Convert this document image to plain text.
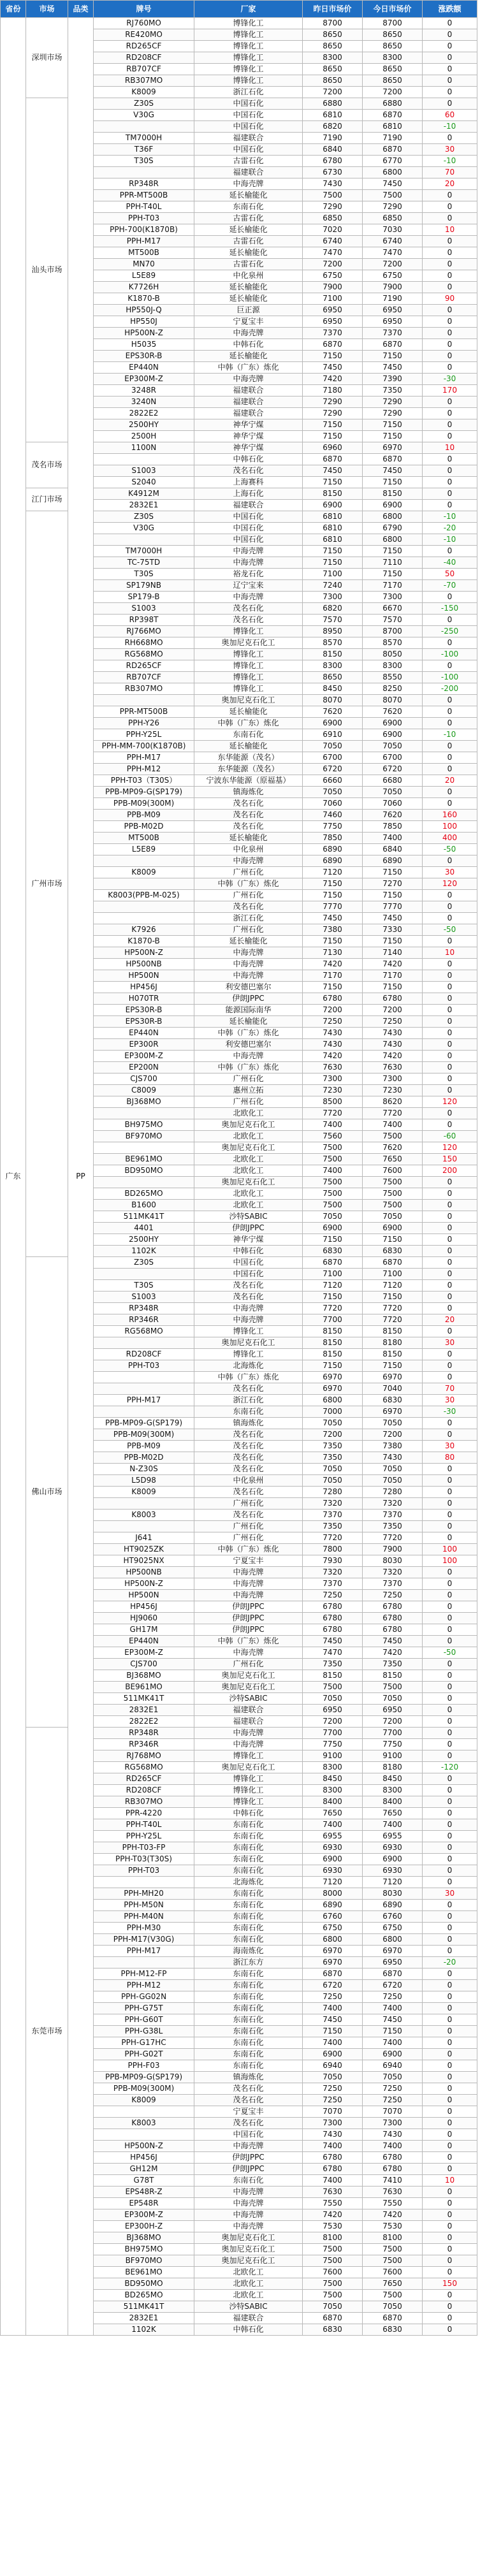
省份	市场	品类	牌号	厂家	昨日市场价	今日市场价	涨跌额
广东	深圳市场	PP	RJ760MO	博锋化工	8700	8700	0
			RE420MO	博锋化工	8650	8650	0
			RD265CF	博锋化工	8650	8650	0
			RD208CF	博锋化工	8300	8300	0
			RB707CF	博锋化工	8650	8650	0
			RB307MO	博锋化工	8650	8650	0
			K8009	浙江石化	7200	7200	0
	汕头市场		Z30S	中国石化	6880	6880	0
			V30G	中国石化	6810	6870	60
				中国石化	6820	6810	-10
			TM7000H	福建联合	7190	7190	0
			T36F	中国石化	6840	6870	30
			T30S	古雷石化	6780	6770	-10
				福建联合	6730	6800	70
			RP348R	中海壳牌	7430	7450	20
			PPR-MT500B	延长榆能化	7500	7500	0
			PPH-T40L	东南石化	7290	7290	0
			PPH-T03	古雷石化	6850	6850	0
			PPH-700(K1870B)	延长榆能化	7020	7030	10
			PPH-M17	古雷石化	6740	6740	0
			MT500B	延长榆能化	7470	7470	0
			MN70	古雷石化	7200	7200	0
			L5E89	中化泉州	6750	6750	0
			K7726H	延长榆能化	7900	7900	0
			K1870-B	延长榆能化	7100	7190	90
			HP550J-Q	巨正源	6950	6950	0
			HP550J	宁夏宝丰	6950	6950	0
			HP500N-Z	中海壳牌	7370	7370	0
			H5035	中韩石化	6870	6870	0
			EPS30R-B	延长榆能化	7150	7150	0
			EP440N	中韩（广东）炼化	7450	7450	0
			EP300M-Z	中海壳牌	7420	7390	-30
			3248R	福建联合	7180	7350	170
			3240N	福建联合	7290	7290	0
			2822E2	福建联合	7290	7290	0
			2500HY	神华宁煤	7150	7150	0
			2500H	神华宁煤	7150	7150	0
	茂名市场		1100N	神华宁煤	6960	6970	10
				中韩石化	6870	6870	0
			S1003	茂名石化	7450	7450	0
			S2040	上海赛科	7150	7150	0
	江门市场		K4912M	上海石化	8150	8150	0
			2832E1	福建联合	6900	6900	0
	广州市场		Z30S	中国石化	6810	6800	-10
			V30G	中国石化	6810	6790	-20
				中国石化	6810	6800	-10
			TM7000H	中海壳牌	7150	7150	0
			TC-75TD	中海壳牌	7150	7110	-40
			T30S	裕龙石化	7100	7150	50
			SP179NB	辽宁宝来	7240	7170	-70
			SP179-B	中海壳牌	7300	7300	0
			S1003	茂名石化	6820	6670	-150
			RP398T	茂名石化	7570	7570	0
			RJ766MO	博锋化工	8950	8700	-250
			RH668MO	奥加尼克石化工	8570	8570	0
			RG568MO	博锋化工	8150	8050	-100
			RD265CF	博锋化工	8300	8300	0
			RB707CF	博锋化工	8650	8550	-100
			RB307MO	博锋化工	8450	8250	-200
				奥加尼克石化工	8070	8070	0
			PPR-MT500B	延长榆能化	7620	7620	0
			PPH-Y26	中韩（广东）炼化	6900	6900	0
			PPH-Y25L	东南石化	6910	6900	-10
			PPH-MM-700(K1870B)	延长榆能化	7050	7050	0
			PPH-M17	东华能源（茂名）	6700	6700	0
			PPH-M12	东华能源（茂名）	6720	6720	0
			PPH-T03（T30S）	宁波东华能源（原福基）	6660	6680	20
			PPB-MP09-G(SP179)	镇海炼化	7050	7050	0
			PPB-M09(300M)	茂名石化	7060	7060	0
			PPB-M09	茂名石化	7460	7620	160
			PPB-M02D	茂名石化	7750	7850	100
			MT500B	延长榆能化	7850	7400	400
			L5E89	中化泉州	6890	6840	-50
				中海壳牌	6890	6890	0
			K8009	广州石化	7120	7150	30
				中韩（广东）炼化	7150	7270	120
			K8003(PPB-M-025)	广州石化	7150	7150	0
				茂名石化	7770	7770	0
				浙江石化	7450	7450	0
			K7926	广州石化	7380	7330	-50
			K1870-B	延长榆能化	7150	7150	0
			HP500N-Z	中海壳牌	7130	7140	10
			HP500NB	中海壳牌	7420	7420	0
			HP500N	中海壳牌	7170	7170	0
			HP456J	利安德巴塞尔	7150	7150	0
			H070TR	伊朗JPPC	6780	6780	0
			EPS30R-B	能源国际南华	7200	7200	0
			EPS30R-B	延长榆能化	7250	7250	0
			EP440N	中韩（广东）炼化	7430	7430	0
			EP300R	利安德巴塞尔	7430	7430	0
			EP300M-Z	中海壳牌	7420	7420	0
			EP200N	中韩（广东）炼化	7630	7630	0
			CJS700	广州石化	7300	7300	0
			C8009	惠州立拓	7230	7230	0
			BJ368MO	广州石化	8500	8620	120
				北欧化工	7720	7720	0
			BH975MO	奥加尼克石化工	7400	7400	0
			BF970MO	北欧化工	7560	7500	-60
				奥加尼克石化工	7500	7620	120
			BE961MO	北欧化工	7500	7650	150
			BD950MO	北欧化工	7400	7600	200
				奥加尼克石化工	7500	7500	0
			BD265MO	北欧化工	7500	7500	0
			B1600	北欧化工	7500	7500	0
			511MK41T	沙特SABIC	7050	7050	0
			4401	伊朗JPPC	6900	6900	0
			2500HY	神华宁煤	7150	7150	0
			1102K	中韩石化	6830	6830	0
	佛山市场		Z30S	中国石化	6870	6870	0
				中国石化	7100	7100	0
			T30S	茂名石化	7120	7120	0
			S1003	茂名石化	7150	7150	0
			RP348R	中海壳牌	7720	7720	0
			RP346R	中海壳牌	7700	7720	20
			RG568MO	博锋化工	8150	8150	0
				奥加尼克石化工	8150	8180	30
			RD208CF	博锋化工	8150	8150	0
			PPH-T03	北海炼化	7150	7150	0
				中韩（广东）炼化	6970	6970	0
				茂名石化	6970	7040	70
			PPH-M17	浙江石化	6800	6830	30
				东南石化	7000	6970	-30
			PPB-MP09-G(SP179)	镇海炼化	7050	7050	0
			PPB-M09(300M)	茂名石化	7200	7200	0
			PPB-M09	茂名石化	7350	7380	30
			PPB-M02D	茂名石化	7350	7430	80
			N-Z30S	茂名石化	7050	7050	0
			L5D98	中化泉州	7050	7050	0
			K8009	茂名石化	7280	7280	0
				广州石化	7320	7320	0
			K8003	茂名石化	7370	7370	0
				广州石化	7350	7350	0
			J641	广州石化	7720	7720	0
			HT9025ZK	中韩（广东）炼化	7800	7900	100
			HT9025NX	宁夏宝丰	7930	8030	100
			HP500NB	中海壳牌	7320	7320	0
			HP500N-Z	中海壳牌	7370	7370	0
			HP500N	中海壳牌	7250	7250	0
			HP456J	伊朗JPPC	6780	6780	0
			HJ9060	伊朗JPPC	6780	6780	0
			GH17M	伊朗JPPC	6780	6780	0
			EP440N	中韩（广东）炼化	7450	7450	0
			EP300M-Z	中海壳牌	7470	7420	-50
			CJS700	广州石化	7350	7350	0
			BJ368MO	奥加尼克石化工	8150	8150	0
			BE961MO	奥加尼克石化工	7500	7500	0
			511MK41T	沙特SABIC	7050	7050	0
			2832E1	福建联合	6950	6950	0
			2822E2	福建联合	7200	7200	0
	东莞市场		RP348R	中海壳牌	7700	7700	0
			RP346R	中海壳牌	7750	7750	0
			RJ768MO	博锋化工	9100	9100	0
			RG568MO	奥加尼克石化工	8300	8180	-120
			RD265CF	博锋化工	8450	8450	0
			RD208CF	博锋化工	8300	8300	0
			RB307MO	博锋化工	8400	8400	0
			PPR-4220	中韩石化	7650	7650	0
			PPH-T40L	东南石化	7400	7400	0
			PPH-Y25L	东南石化	6955	6955	0
			PPH-T03-FP	东南石化	6930	6930	0
			PPH-T03(T30S)	东南石化	6900	6900	0
			PPH-T03	东南石化	6930	6930	0
				北海炼化	7120	7120	0
			PPH-MH20	东南石化	8000	8030	30
			PPH-M50N	东南石化	6890	6890	0
			PPH-M40N	东南石化	6760	6760	0
			PPH-M30	东南石化	6750	6750	0
			PPH-M17(V30G)	东南石化	6800	6800	0
			PPH-M17	海南炼化	6970	6970	0
				浙江东方	6970	6950	-20
			PPH-M12-FP	东南石化	6870	6870	0
			PPH-M12	东南石化	6720	6720	0
			PPH-GG02N	东南石化	7250	7250	0
			PPH-G75T	东南石化	7400	7400	0
			PPH-G60T	东南石化	7450	7450	0
			PPH-G38L	东南石化	7150	7150	0
			PPH-G17HC	东南石化	7400	7400	0
			PPH-G02T	东南石化	6900	6900	0
			PPH-F03	东南石化	6940	6940	0
			PPB-MP09-G(SP179)	镇海炼化	7050	7050	0
			PPB-M09(300M)	茂名石化	7250	7250	0
			K8009	茂名石化	7250	7250	0
				宁夏宝丰	7070	7070	0
			K8003	茂名石化	7300	7300	0
				中国石化	7430	7430	0
			HP500N-Z	中海壳牌	7400	7400	0
			HP456J	伊朗JPPC	6780	6780	0
			GH12M	伊朗JPPC	6780	6780	0
			G78T	东南石化	7400	7410	10
			EPS48R-Z	中海壳牌	7630	7630	0
			EP548R	中海壳牌	7550	7550	0
			EP300M-Z	中海壳牌	7420	7420	0
			EP300H-Z	中海壳牌	7530	7530	0
			BJ368MO	奥加尼克石化工	8100	8100	0
			BH975MO	奥加尼克石化工	7500	7500	0
			BF970MO	奥加尼克石化工	7500	7500	0
			BE961MO	北欧化工	7600	7600	0
			BD950MO	北欧化工	7500	7650	150
			BD265MO	北欧化工	7500	7500	0
			511MK41T	沙特SABIC	7050	7050	0
			2832E1	福建联合	6870	6870	0
			1102K	中韩石化	6830	6830	0
